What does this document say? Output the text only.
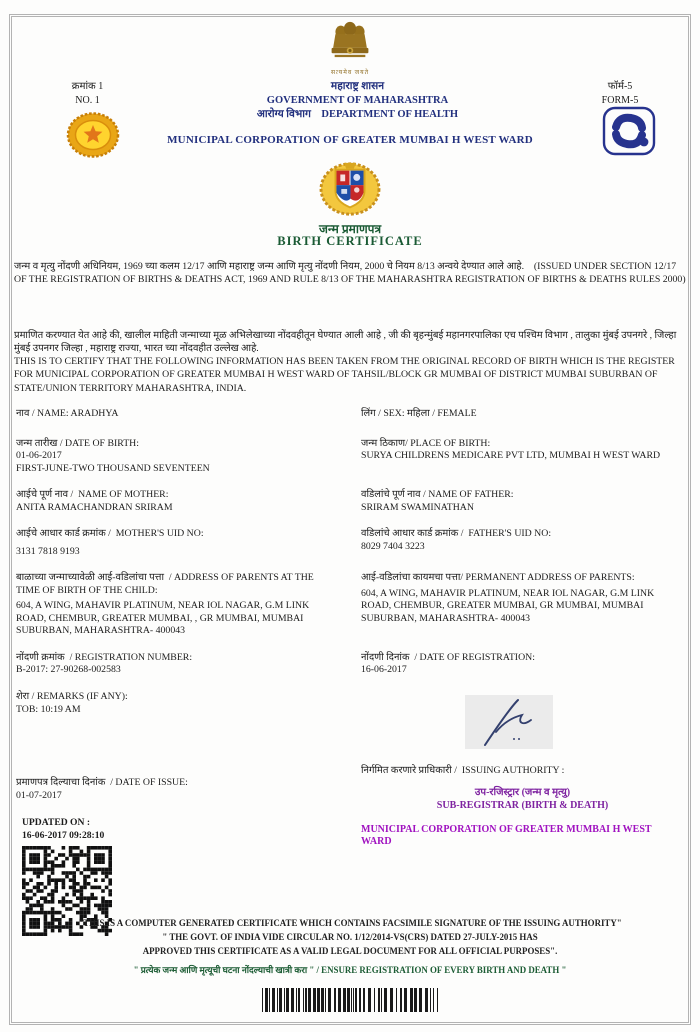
सत्यमेव जयते
क्रमांक 1
NO. 1
महाराष्ट्र शासन
GOVERNMENT OF MAHARASHTRA
आरोग्य विभाग DEPARTMENT OF HEALTH
फॉर्म-5
FORM-5
MUNICIPAL CORPORATION OF GREATER MUMBAI H WEST WARD
जन्म प्रमाणपत्र
BIRTH CERTIFICATE
जन्म व मृत्यु नोंदणी अधिनियम, 1969 च्या कलम 12/17 आणि महाराष्ट्र जन्म आणि मृत्यु नोंदणी नियम, 2000 चे नियम 8/13 अन्वये देण्यात आले आहे. (ISSUED UNDER SECTION 12/17 OF THE REGISTRATION OF BIRTHS & DEATHS ACT, 1969 AND RULE 8/13 OF THE MAHARASHTRA REGISTRATION OF BIRTHS & DEATHS RULES 2000)
प्रमाणित करण्यात येत आहे की, खालील माहिती जन्माच्या मूळ अभिलेखाच्या नोंदवहीतून घेण्यात आली आहे , जी की बृहन्मुंबई महानगरपालिका एच पश्चिम विभाग , तालुका मुंबई उपनगरे , जिल्हा मुंबई उपनगर जिल्हा , महाराष्ट्र राज्या, भारत च्या नोंदवहीत उल्लेख आहे.
THIS IS TO CERTIFY THAT THE FOLLOWING INFORMATION HAS BEEN TAKEN FROM THE ORIGINAL RECORD OF BIRTH WHICH IS THE REGISTER FOR MUNICIPAL CORPORATION OF GREATER MUMBAI H WEST WARD OF TAHSIL/BLOCK GR MUMBAI OF DISTRICT MUMBAI SUBURBAN OF STATE/UNION TERRITORY MAHARASHTRA, INDIA.
नाव / NAME: ARADHYA	लिंग / SEX: महिला / FEMALE
जन्म तारीख / DATE OF BIRTH:
01-06-2017
FIRST-JUNE-TWO THOUSAND SEVENTEEN
जन्म ठिकाण/ PLACE OF BIRTH:
SURYA CHILDRENS MEDICARE PVT LTD, MUMBAI H WEST WARD
आईचे पूर्ण नाव /  NAME OF MOTHER:
ANITA RAMACHANDRAN SRIRAM
वडिलांचे पूर्ण नाव / NAME OF FATHER:
SRIRAM SWAMINATHAN
आईचे आधार कार्ड क्रमांक /  MOTHER'S UID NO:
3131 7818 9193
वडिलांचे आधार कार्ड क्रमांक /  FATHER'S UID NO:
8029 7404 3223
बाळाच्या जन्माच्यावेळी आई-वडिलांचा पत्ता  / ADDRESS OF PARENTS AT THE TIME OF BIRTH OF THE CHILD:
604, A WING, MAHAVIR PLATINUM, NEAR IOL NAGAR, G.M LINK ROAD, CHEMBUR, GREATER MUMBAI, , GR MUMBAI, MUMBAI SUBURBAN, MAHARASHTRA- 400043
आई-वडिलांचा कायमचा पत्ता/ PERMANENT ADDRESS OF PARENTS:
604, A WING, MAHAVIR PLATINUM, NEAR IOL NAGAR, G.M LINK ROAD, CHEMBUR, GREATER MUMBAI, GR MUMBAI, MUMBAI SUBURBAN, MAHARASHTRA- 400043
नोंदणी क्रमांक  / REGISTRATION NUMBER:
B-2017: 27-90268-002583
नोंदणी दिनांक  / DATE OF REGISTRATION:
16-06-2017
शेरा / REMARKS (IF ANY):
TOB: 10:19 AM
प्रमाणपत्र दिल्याचा दिनांक  / DATE OF ISSUE:
01-07-2017
निर्गमित करणारे प्राधिकारी /  ISSUING AUTHORITY :
उप-रजिस्ट्रार (जन्म व मृत्यु)
SUB-REGISTRAR (BIRTH & DEATH)
MUNICIPAL CORPORATION OF GREATER MUMBAI H WEST WARD
UPDATED ON :
16-06-2017 09:28:10
"THIS IS A COMPUTER GENERATED CERTIFICATE WHICH CONTAINS FACSIMILE SIGNATURE OF THE ISSUING AUTHORITY"
" THE GOVT. OF INDIA VIDE CIRCULAR NO. 1/12/2014-VS(CRS) DATED 27-JULY-2015 HAS
APPROVED THIS CERTIFICATE AS A VALID LEGAL DOCUMENT FOR ALL OFFICIAL PURPOSES".
" प्रत्येक जन्म आणि मृत्यूची घटना नोंदल्याची खात्री करा " / ENSURE REGISTRATION OF EVERY BIRTH AND DEATH "
